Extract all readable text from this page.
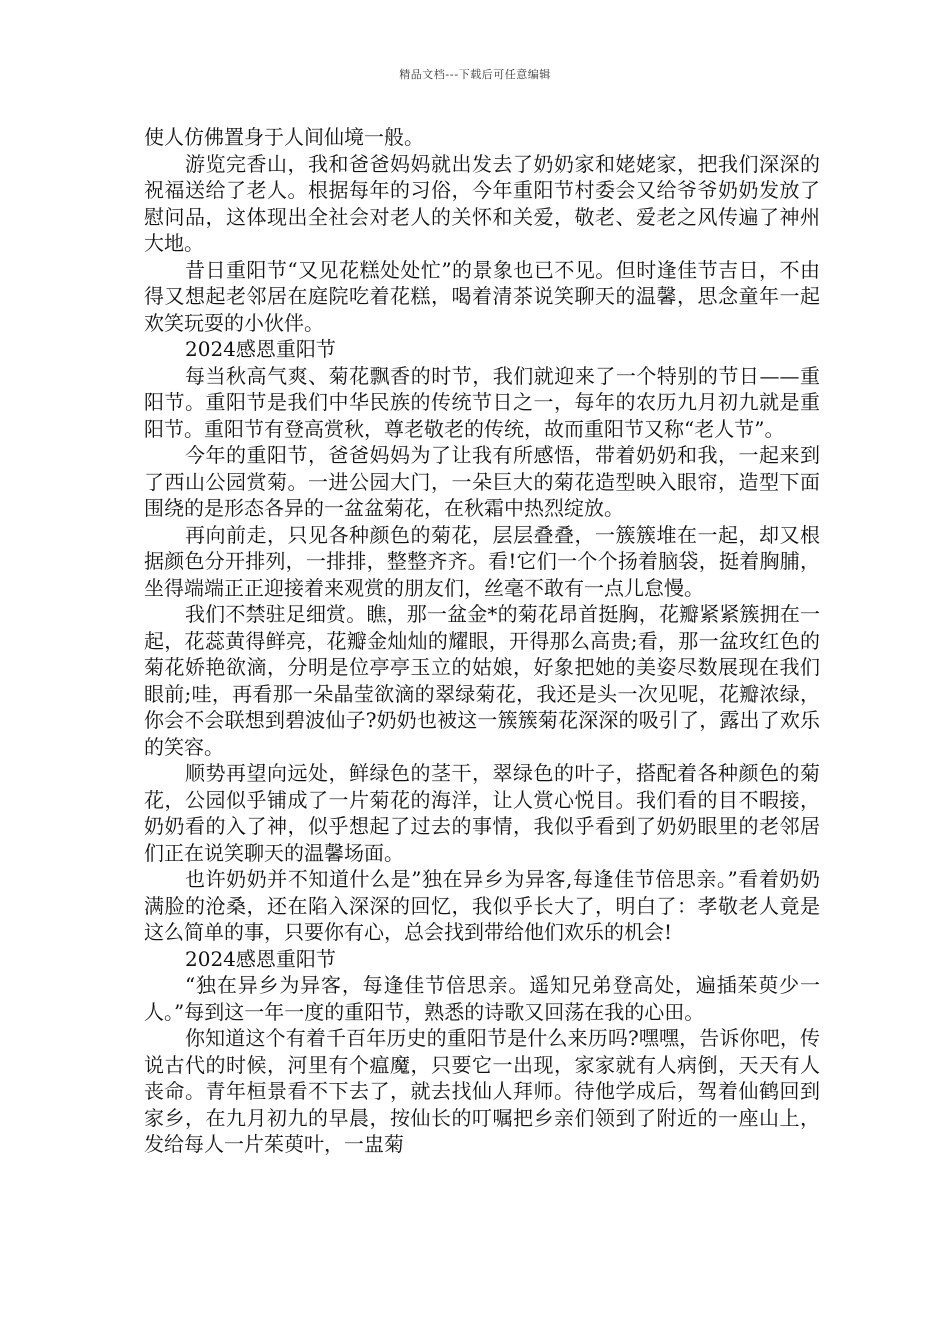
精品文档---下载后可任意编辑

使人仿佛置身于人间仙境一般。

游览完香山，我和爸爸妈妈就出发去了奶奶家和姥姥家，把我们深深的祝福送给了老人。根据每年的习俗，今年重阳节村委会又给爷爷奶奶发放了慰问品，这体现出全社会对老人的关怀和关爱，敬老、爱老之风传遍了神州大地。

昔日重阳节“又见花糕处处忙”的景象也已不见。但时逢佳节吉日，不由得又想起老邻居在庭院吃着花糕，喝着清茶说笑聊天的温馨，思念童年一起欢笑玩耍的小伙伴。

2024感恩重阳节

每当秋高气爽、菊花飘香的时节，我们就迎来了一个特别的节日——重阳节。重阳节是我们中华民族的传统节日之一，每年的农历九月初九就是重阳节。重阳节有登高赏秋，尊老敬老的传统，故而重阳节又称“老人节”。

今年的重阳节，爸爸妈妈为了让我有所感悟，带着奶奶和我，一起来到了西山公园赏菊。一进公园大门，一朵巨大的菊花造型映入眼帘，造型下面围绕的是形态各异的一盆盆菊花，在秋霜中热烈绽放。

再向前走，只见各种颜色的菊花，层层叠叠，一簇簇堆在一起，却又根据颜色分开排列，一排排，整整齐齐。看!它们一个个扬着脑袋，挺着胸脯，坐得端端正正迎接着来观赏的朋友们，丝毫不敢有一点儿怠慢。

我们不禁驻足细赏。瞧，那一盆金*的菊花昂首挺胸，花瓣紧紧簇拥在一起，花蕊黄得鲜亮，花瓣金灿灿的耀眼，开得那么高贵;看，那一盆玫红色的菊花娇艳欲滴，分明是位亭亭玉立的姑娘，好象把她的美姿尽数展现在我们眼前;哇，再看那一朵晶莹欲滴的翠绿菊花，我还是头一次见呢，花瓣浓绿，你会不会联想到碧波仙子?奶奶也被这一簇簇菊花深深的吸引了，露出了欢乐的笑容。

顺势再望向远处，鲜绿色的茎干，翠绿色的叶子，搭配着各种颜色的菊花，公园似乎铺成了一片菊花的海洋，让人赏心悦目。我们看的目不暇接，奶奶看的入了神，似乎想起了过去的事情，我似乎看到了奶奶眼里的老邻居们正在说笑聊天的温馨场面。

也许奶奶并不知道什么是”独在异乡为异客,每逢佳节倍思亲。”看着奶奶满脸的沧桑，还在陷入深深的回忆，我似乎长大了，明白了：孝敬老人竟是这么简单的事，只要你有心，总会找到带给他们欢乐的机会!

2024感恩重阳节

“独在异乡为异客，每逢佳节倍思亲。遥知兄弟登高处，遍插茱萸少一人。”每到这一年一度的重阳节，熟悉的诗歌又回荡在我的心田。

你知道这个有着千百年历史的重阳节是什么来历吗?嘿嘿，告诉你吧，传说古代的时候，河里有个瘟魔，只要它一出现，家家就有人病倒，天天有人丧命。青年桓景看不下去了，就去找仙人拜师。待他学成后，驾着仙鹤回到家乡，在九月初九的早晨，按仙长的叮嘱把乡亲们领到了附近的一座山上，发给每人一片茱萸叶，一盅菊
